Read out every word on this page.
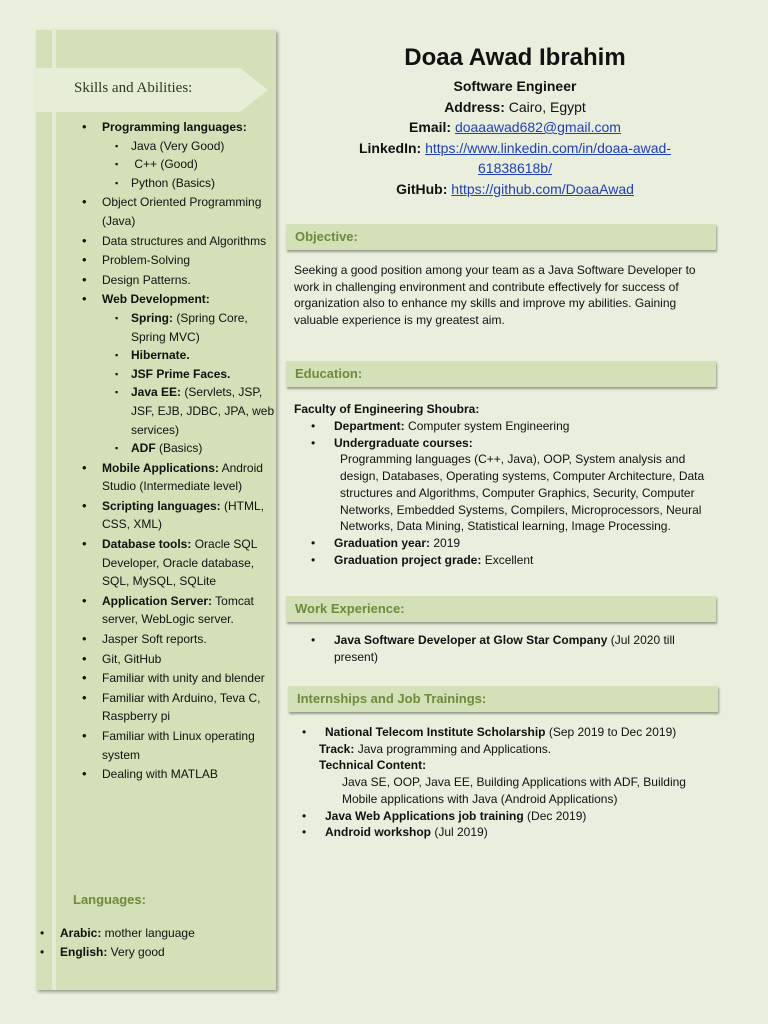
Skills and Abilities:
• Programming languages:
▪ Java (Very Good)
▪  C++ (Good)
▪ Python (Basics)
• Object Oriented Programming (Java)
• Data structures and Algorithms
• Problem-Solving
• Design Patterns.
• Web Development:
▪ Spring: (Spring Core, Spring MVC)
▪ Hibernate.
▪ JSF Prime Faces.
▪ Java EE: (Servlets, JSP, JSF, EJB, JDBC, JPA, web services)
▪ ADF (Basics)
• Mobile Applications: Android Studio (Intermediate level)
• Scripting languages: (HTML, CSS, XML)
• Database tools: Oracle SQL Developer, Oracle database, SQL, MySQL, SQLite
• Application Server: Tomcat server, WebLogic server.
• Jasper Soft reports.
• Git, GitHub
• Familiar with unity and blender
• Familiar with Arduino, Teva C, Raspberry pi
• Familiar with Linux operating system
• Dealing with MATLAB
Languages:
• Arabic: mother language
• English: Very good
Doaa Awad Ibrahim
Software Engineer
Address: Cairo, Egypt
Email: doaaawad682@gmail.com
LinkedIn: https://www.linkedin.com/in/doaa-awad-
61838618b/
GitHub: https://github.com/DoaaAwad
Objective:
Seeking a good position among your team as a Java Software Developer to work in challenging environment and contribute effectively for success of organization also to enhance my skills and improve my abilities. Gaining valuable experience is my greatest aim.
Education:
Faculty of Engineering Shoubra:
• Department: Computer system Engineering
• Undergraduate courses:
Programming languages (C++, Java), OOP, System analysis and design, Databases, Operating systems, Computer Architecture, Data structures and Algorithms, Computer Graphics, Security, Computer Networks, Embedded Systems, Compilers, Microprocessors, Neural Networks, Data Mining, Statistical learning, Image Processing.
• Graduation year: 2019
• Graduation project grade: Excellent
Work Experience:
• Java Software Developer at Glow Star Company (Jul 2020 till present)
Internships and Job Trainings:
• National Telecom Institute Scholarship (Sep 2019 to Dec 2019)
Track: Java programming and Applications.
Technical Content:
Java SE, OOP, Java EE, Building Applications with ADF, Building Mobile applications with Java (Android Applications)
• Java Web Applications job training (Dec 2019)
• Android workshop (Jul 2019)
